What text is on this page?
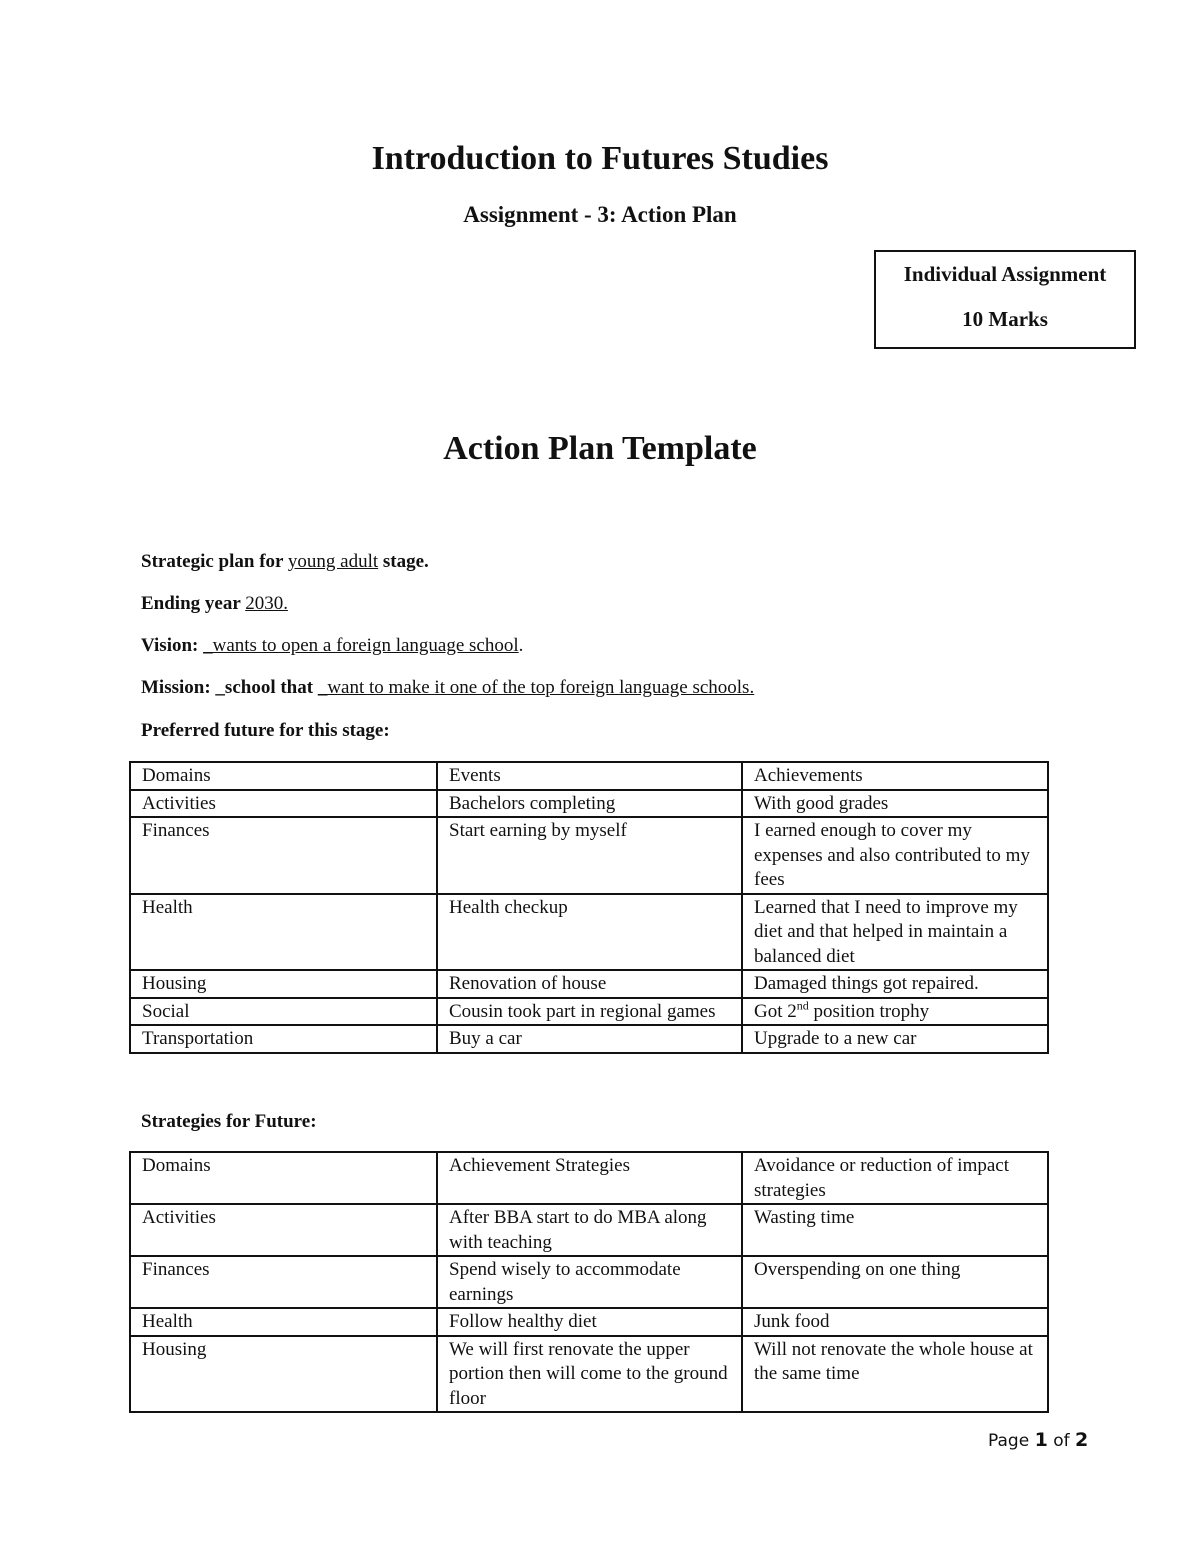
Introduction to Futures Studies
Assignment - 3: Action Plan
Individual Assignment
10 Marks
Action Plan Template
Strategic plan for young adult stage.
Ending year 2030.
Vision: _wants to open a foreign language school.
Mission: _school that _want to make it one of the top foreign language schools.
Preferred future for this stage:
Domains	Events	Achievements
Activities	Bachelors completing	With good grades
Finances	Start earning by myself	I earned enough to cover my expenses and also contributed to my fees
Health	Health checkup	Learned that I need to improve my diet and that helped in maintain a balanced diet
Housing	Renovation of house	Damaged things got repaired.
Social	Cousin took part in regional games	Got 2nd position trophy
Transportation	Buy a car	Upgrade to a new car
Strategies for Future:
Domains	Achievement Strategies	Avoidance or reduction of impact strategies
Activities	After BBA start to do MBA along with teaching	Wasting time
Finances	Spend wisely to accommodate earnings	Overspending on one thing
Health	Follow healthy diet	Junk food
Housing	We will first renovate the upper portion then will come to the ground floor	Will not renovate the whole house at the same time
Page 1 of 2
